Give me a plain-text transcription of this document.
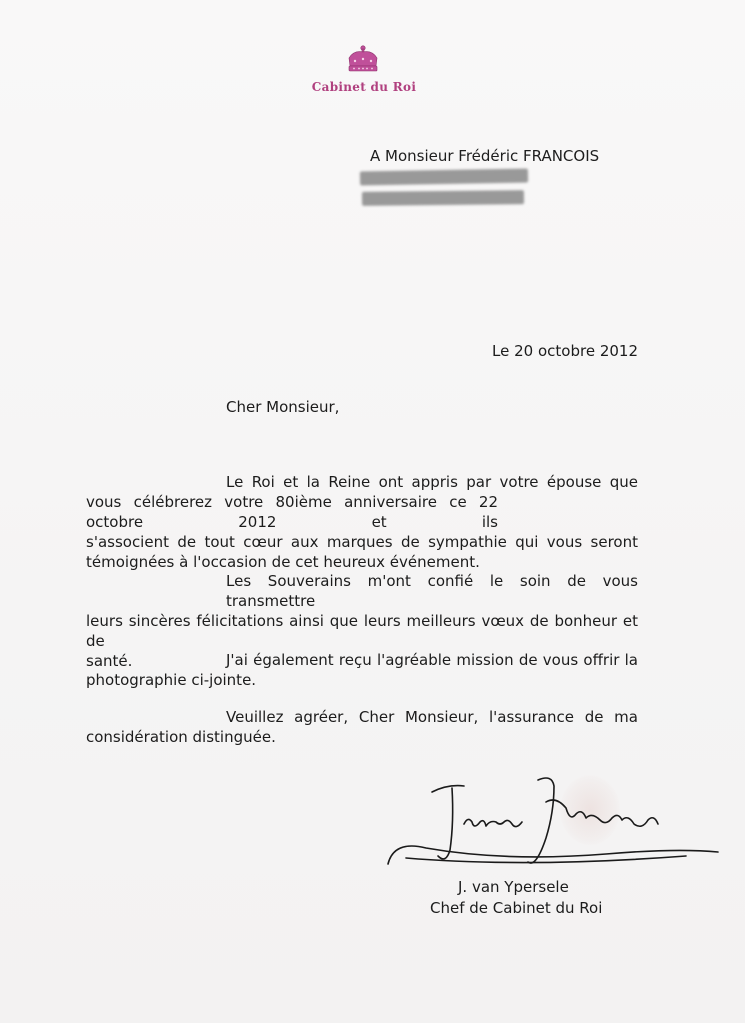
Cabinet du Roi
A Monsieur Frédéric FRANCOIS
Le 20 octobre 2012
Cher Monsieur,
Le Roi et la Reine ont appris par votre épouse que
vous célébrerez votre 80ième anniversaire ce 22 octobre 2012 et ils
s'associent de tout cœur aux marques de sympathie qui vous seront
témoignées à l'occasion de cet heureux événement.
Les Souverains m'ont confié le soin de vous transmettre
leurs sincères félicitations ainsi que leurs meilleurs vœux de bonheur et de
santé.	J'ai également reçu l'agréable mission de vous offrir la
photographie ci-jointe.
Veuillez agréer, Cher Monsieur, l'assurance de ma
considération distinguée.
J. van Ypersele
Chef de Cabinet du Roi
